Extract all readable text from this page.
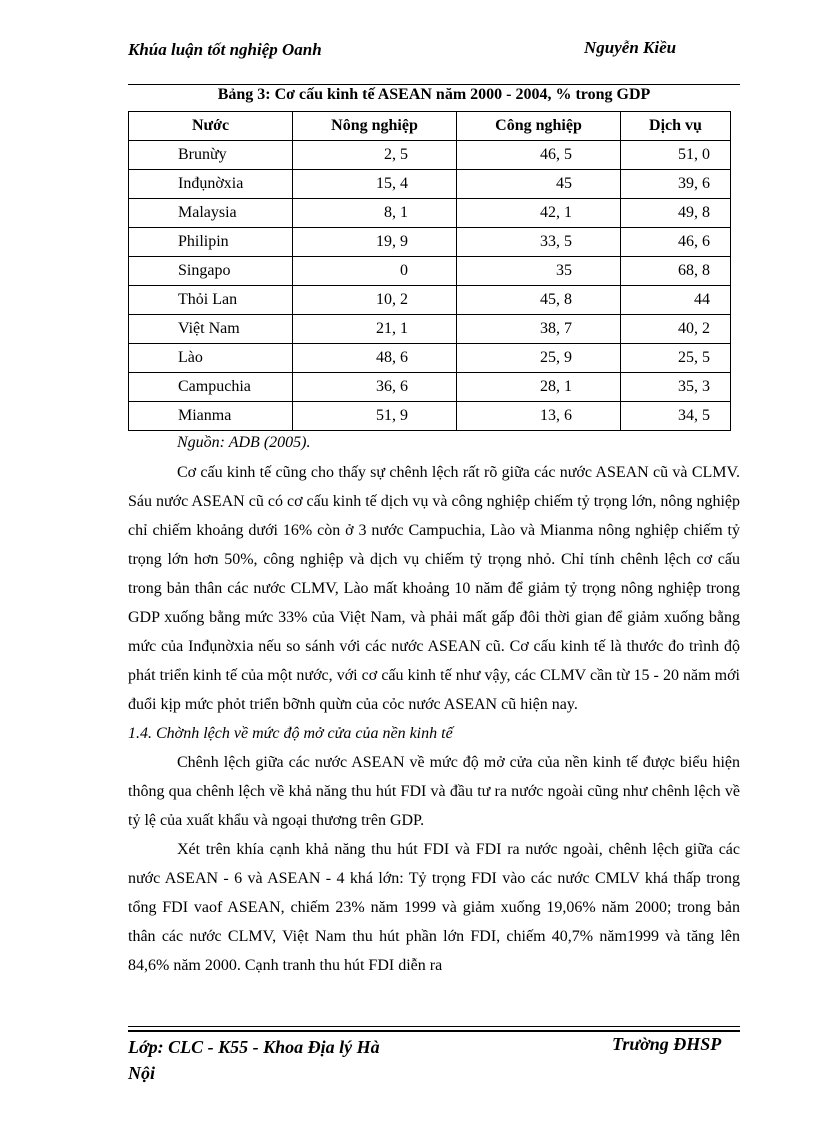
Khúa luận tốt nghiệp Oanh	Nguyễn Kiều
Bảng 3: Cơ cấu kinh tế ASEAN năm 2000 - 2004, % trong GDP
Nước	Nông nghiệp	Công nghiệp	Dịch vụ
Brunừy	2, 5	46, 5	51, 0
Inđụnờxia	15, 4	45	39, 6
Malaysia	8, 1	42, 1	49, 8
Philipin	19, 9	33, 5	46, 6
Singapo	0	35	68, 8
Thỏi Lan	10, 2	45, 8	44
Việt Nam	21, 1	38, 7	40, 2
Lào	48, 6	25, 9	25, 5
Campuchia	36, 6	28, 1	35, 3
Mianma	51, 9	13, 6	34, 5
Nguồn: ADB (2005).

Cơ cấu kinh tế cũng cho thấy sự chênh lệch rất rõ giữa các nước ASEAN cũ và CLMV. Sáu nước ASEAN cũ có cơ cấu kinh tế dịch vụ và công nghiệp chiếm tỷ trọng lớn, nông nghiệp chỉ chiếm khoảng dưới 16% còn ở 3 nước Campuchia, Lào và Mianma nông nghiệp chiếm tỷ trọng lớn hơn 50%, công nghiệp và dịch vụ chiếm tỷ trọng nhỏ. Chỉ tính chênh lệch cơ cấu trong bản thân các nước CLMV, Lào mất khoảng 10 năm để giảm tỷ trọng nông nghiệp trong GDP xuống bằng mức 33% của Việt Nam, và phải mất gấp đôi thời gian để giảm xuống bằng mức của Inđụnờxia nếu so sánh với các nước ASEAN cũ. Cơ cấu kinh tế là thước đo trình độ phát triển kinh tế của một nước, với cơ cấu kinh tế như vậy, các CLMV cần từ 15 - 20 năm mới đuổi kịp mức phỏt triển bỡnh quừn của cỏc nước ASEAN cũ hiện nay.

1.4. Chờnh lệch về mức độ mở cửa của nền kinh tế

Chênh lệch giữa các nước ASEAN về mức độ mở cửa của nền kinh tế được biểu hiện thông qua chênh lệch về khả năng thu hút FDI và đầu tư ra nước ngoài cũng như chênh lệch về tỷ lệ của xuất khẩu và ngoại thương trên GDP.

Xét trên khía cạnh khả năng thu hút FDI và FDI ra nước ngoài, chênh lệch giữa các nước ASEAN - 6 và ASEAN - 4 khá lớn: Tỷ trọng FDI vào các nước CMLV khá thấp trong tổng FDI vaof ASEAN, chiếm 23% năm 1999 và giảm xuống 19,06% năm 2000; trong bản thân các nước CLMV, Việt Nam thu hút phần lớn FDI, chiếm 40,7% năm1999 và tăng lên 84,6% năm 2000. Cạnh tranh thu hút FDI diễn ra

Lớp: CLC - K55 - Khoa Địa lý Hà Nội
Trường ĐHSP
